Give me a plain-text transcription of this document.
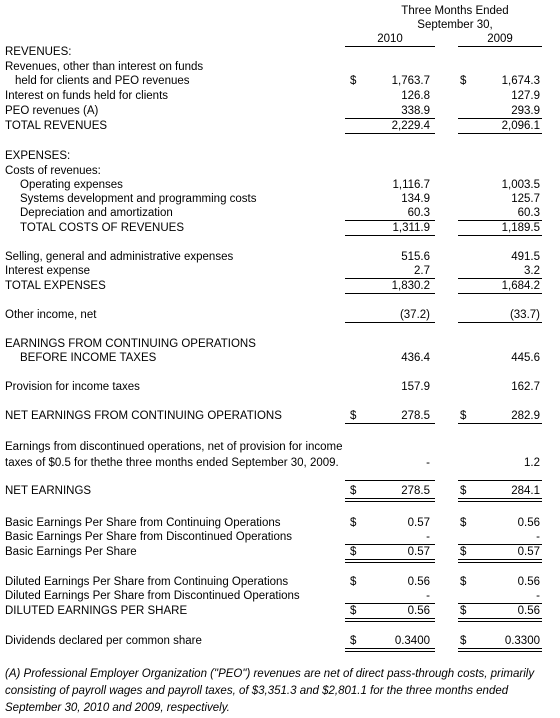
Three Months Ended
September 30,
2010	2009
REVENUES:
Revenues, other than interest on funds
held for clients and PEO revenues	$	1,763.7	$	1,674.3
Interest on funds held for clients	126.8	127.9
PEO revenues (A)	338.9	293.9
TOTAL REVENUES	2,229.4	2,096.1
EXPENSES:
Costs of revenues:
Operating expenses	1,116.7	1,003.5
Systems development and programming costs	134.9	125.7
Depreciation and amortization	60.3	60.3
TOTAL COSTS OF REVENUES	1,311.9	1,189.5
Selling, general and administrative expenses	515.6	491.5
Interest expense	2.7	3.2
TOTAL EXPENSES	1,830.2	1,684.2
Other income, net	(37.2)	(33.7)
EARNINGS FROM CONTINUING OPERATIONS
BEFORE INCOME TAXES	436.4	445.6
Provision for income taxes	157.9	162.7
NET EARNINGS FROM CONTINUING OPERATIONS	$	278.5	$	282.9
Earnings from discontinued operations, net of provision for income
taxes of $0.5 for thethe three months ended September 30, 2009.	-	1.2
NET EARNINGS	$	278.5	$	284.1
Basic Earnings Per Share from Continuing Operations	$	0.57	$	0.56
Basic Earnings Per Share from Discontinued Operations	-	-
Basic Earnings Per Share	$	0.57	$	0.57
Diluted Earnings Per Share from Continuing Operations	$	0.56	$	0.56
Diluted Earnings Per Share from Discontinued Operations	-	-
DILUTED EARNINGS PER SHARE	$	0.56	$	0.56
Dividends declared per common share	$	0.3400	$	0.3300
(A) Professional Employer Organization ("PEO") revenues are net of direct pass-through costs, primarily consisting of payroll wages and payroll taxes, of $3,351.3 and $2,801.1 for the three months ended September 30, 2010 and 2009, respectively.
